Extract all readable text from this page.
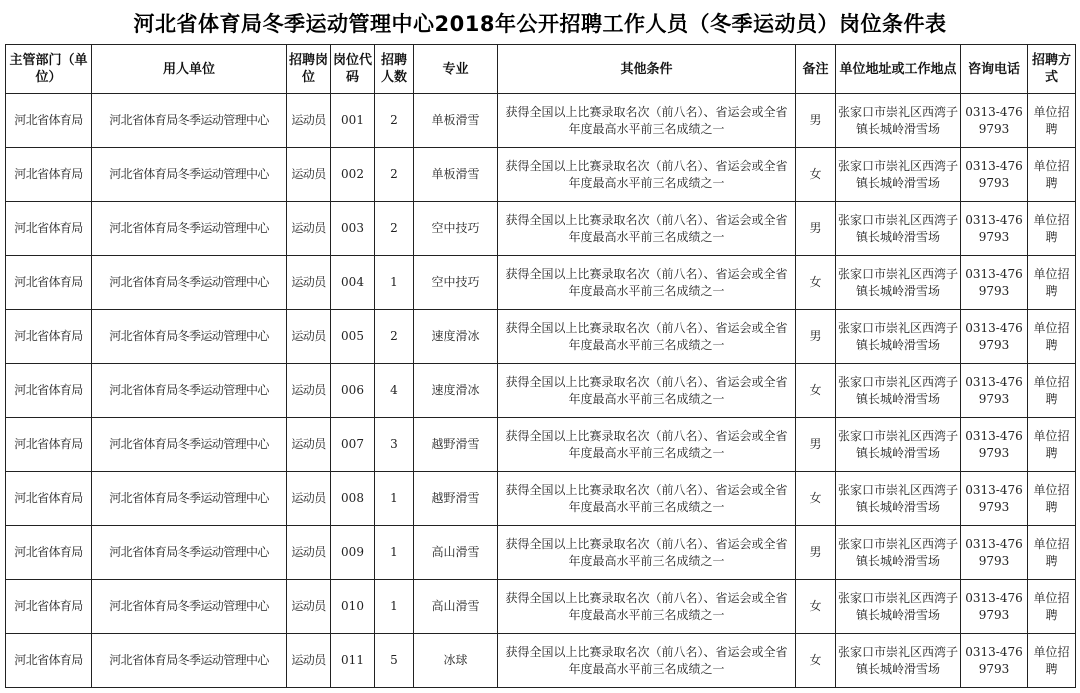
河北省体育局冬季运动管理中心2018年公开招聘工作人员（冬季运动员）岗位条件表
主管部门（单位）	用人单位	招聘岗位	岗位代码	招聘人数	专业	其他条件	备注	单位地址或工作地点	咨询电话	招聘方式
河北省体育局	河北省体育局冬季运动管理中心	运动员	001	2	单板滑雪	获得全国以上比赛录取名次（前八名）、省运会或全省年度最高水平前三名成绩之一	男	张家口市崇礼区西湾子镇长城岭滑雪场	0313-4769793	单位招聘
河北省体育局	河北省体育局冬季运动管理中心	运动员	002	2	单板滑雪	获得全国以上比赛录取名次（前八名）、省运会或全省年度最高水平前三名成绩之一	女	张家口市崇礼区西湾子镇长城岭滑雪场	0313-4769793	单位招聘
河北省体育局	河北省体育局冬季运动管理中心	运动员	003	2	空中技巧	获得全国以上比赛录取名次（前八名）、省运会或全省年度最高水平前三名成绩之一	男	张家口市崇礼区西湾子镇长城岭滑雪场	0313-4769793	单位招聘
河北省体育局	河北省体育局冬季运动管理中心	运动员	004	1	空中技巧	获得全国以上比赛录取名次（前八名）、省运会或全省年度最高水平前三名成绩之一	女	张家口市崇礼区西湾子镇长城岭滑雪场	0313-4769793	单位招聘
河北省体育局	河北省体育局冬季运动管理中心	运动员	005	2	速度滑冰	获得全国以上比赛录取名次（前八名）、省运会或全省年度最高水平前三名成绩之一	男	张家口市崇礼区西湾子镇长城岭滑雪场	0313-4769793	单位招聘
河北省体育局	河北省体育局冬季运动管理中心	运动员	006	4	速度滑冰	获得全国以上比赛录取名次（前八名）、省运会或全省年度最高水平前三名成绩之一	女	张家口市崇礼区西湾子镇长城岭滑雪场	0313-4769793	单位招聘
河北省体育局	河北省体育局冬季运动管理中心	运动员	007	3	越野滑雪	获得全国以上比赛录取名次（前八名）、省运会或全省年度最高水平前三名成绩之一	男	张家口市崇礼区西湾子镇长城岭滑雪场	0313-4769793	单位招聘
河北省体育局	河北省体育局冬季运动管理中心	运动员	008	1	越野滑雪	获得全国以上比赛录取名次（前八名）、省运会或全省年度最高水平前三名成绩之一	女	张家口市崇礼区西湾子镇长城岭滑雪场	0313-4769793	单位招聘
河北省体育局	河北省体育局冬季运动管理中心	运动员	009	1	高山滑雪	获得全国以上比赛录取名次（前八名）、省运会或全省年度最高水平前三名成绩之一	男	张家口市崇礼区西湾子镇长城岭滑雪场	0313-4769793	单位招聘
河北省体育局	河北省体育局冬季运动管理中心	运动员	010	1	高山滑雪	获得全国以上比赛录取名次（前八名）、省运会或全省年度最高水平前三名成绩之一	女	张家口市崇礼区西湾子镇长城岭滑雪场	0313-4769793	单位招聘
河北省体育局	河北省体育局冬季运动管理中心	运动员	011	5	冰球	获得全国以上比赛录取名次（前八名）、省运会或全省年度最高水平前三名成绩之一	女	张家口市崇礼区西湾子镇长城岭滑雪场	0313-4769793	单位招聘
